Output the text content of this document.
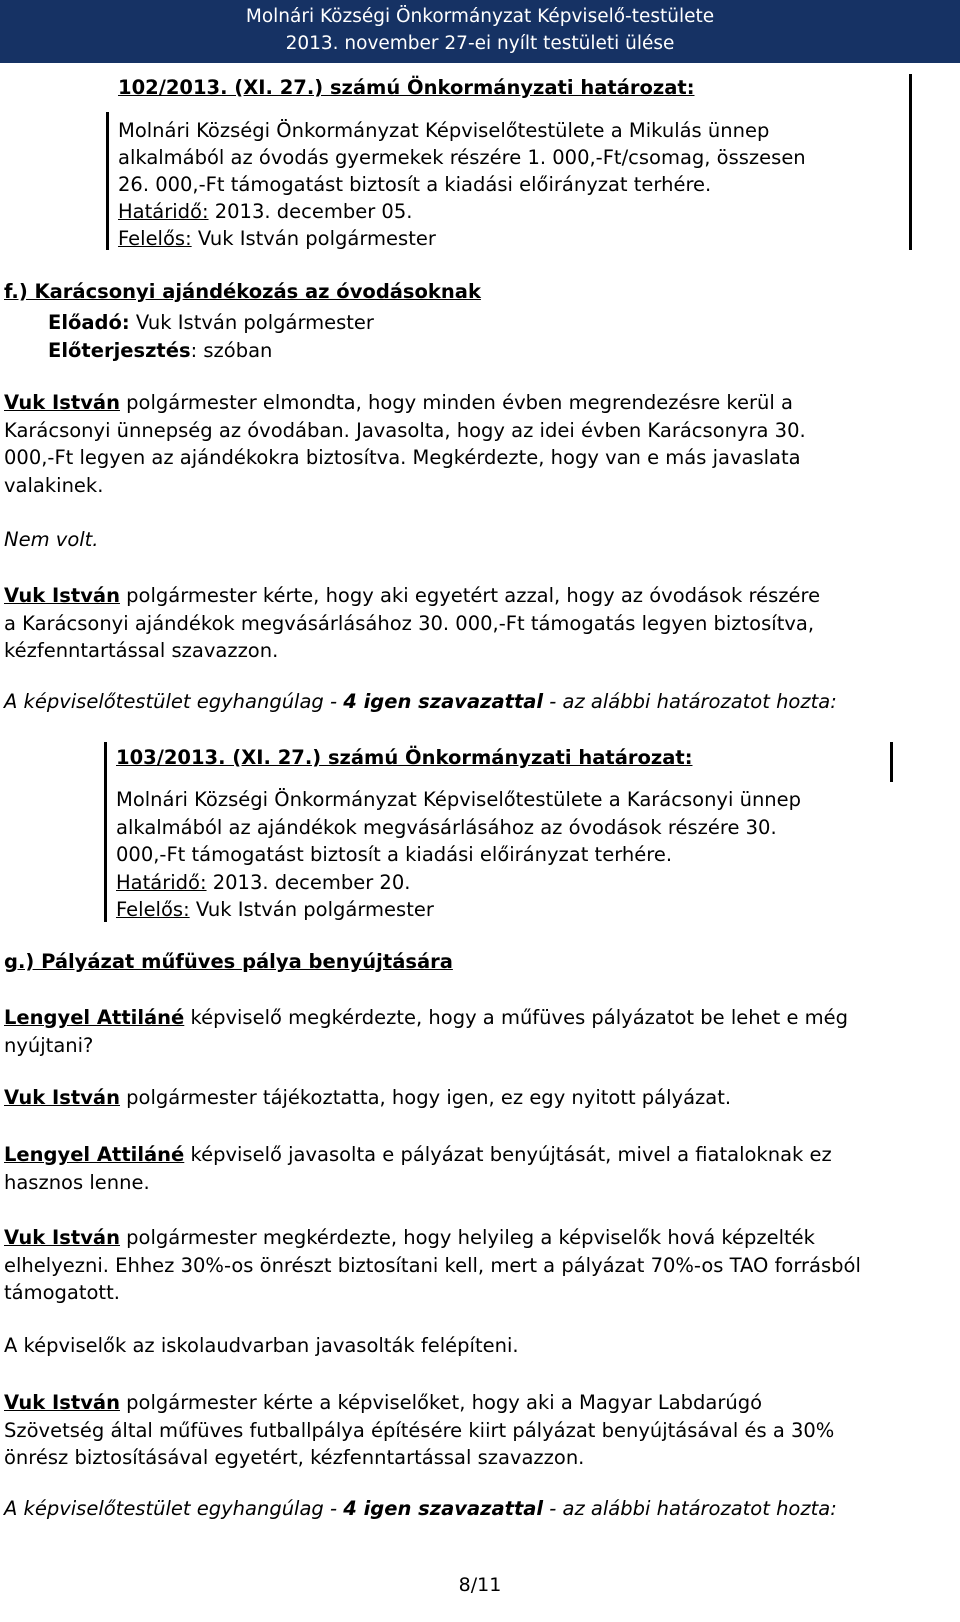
Molnári Községi Önkormányzat Képviselő-testülete
2013. november 27-ei nyílt testületi ülése
102/2013. (XI. 27.) számú Önkormányzati határozat:
Molnári Községi Önkormányzat Képviselőtestülete a Mikulás ünnep
alkalmából az óvodás gyermekek részére 1. 000,-Ft/csomag, összesen
26. 000,-Ft támogatást biztosít a kiadási előirányzat terhére.
Határidő: 2013. december 05.
Felelős: Vuk István polgármester
f.) Karácsonyi ajándékozás az óvodásoknak
Előadó: Vuk István polgármester
Előterjesztés: szóban
Vuk István polgármester elmondta, hogy minden évben megrendezésre kerül a
Karácsonyi ünnepség az óvodában. Javasolta, hogy az idei évben Karácsonyra 30.
000,-Ft legyen az ajándékokra biztosítva. Megkérdezte, hogy van e más javaslata
valakinek.
Nem volt.
Vuk István polgármester kérte, hogy aki egyetért azzal, hogy az óvodások részére
a Karácsonyi ajándékok megvásárlásához 30. 000,-Ft támogatás legyen biztosítva,
kézfenntartással szavazzon.
A képviselőtestület egyhangúlag - 4 igen szavazattal - az alábbi határozatot hozta:
103/2013. (XI. 27.) számú Önkormányzati határozat:
Molnári Községi Önkormányzat Képviselőtestülete a Karácsonyi ünnep
alkalmából az ajándékok megvásárlásához az óvodások részére 30.
000,-Ft támogatást biztosít a kiadási előirányzat terhére.
Határidő: 2013. december 20.
Felelős: Vuk István polgármester
g.) Pályázat műfüves pálya benyújtására
Lengyel Attiláné képviselő megkérdezte, hogy a műfüves pályázatot be lehet e még
nyújtani?
Vuk István polgármester tájékoztatta, hogy igen, ez egy nyitott pályázat.
Lengyel Attiláné képviselő javasolta e pályázat benyújtását, mivel a fiataloknak ez
hasznos lenne.
Vuk István polgármester megkérdezte, hogy helyileg a képviselők hová képzelték
elhelyezni. Ehhez 30%-os önrészt biztosítani kell, mert a pályázat 70%-os TAO forrásból
támogatott.
A képviselők az iskolaudvarban javasolták felépíteni.
Vuk István polgármester kérte a képviselőket, hogy aki a Magyar Labdarúgó
Szövetség által műfüves futballpálya építésére kiirt pályázat benyújtásával és a 30%
önrész biztosításával egyetért, kézfenntartással szavazzon.
A képviselőtestület egyhangúlag - 4 igen szavazattal - az alábbi határozatot hozta:
8/11
